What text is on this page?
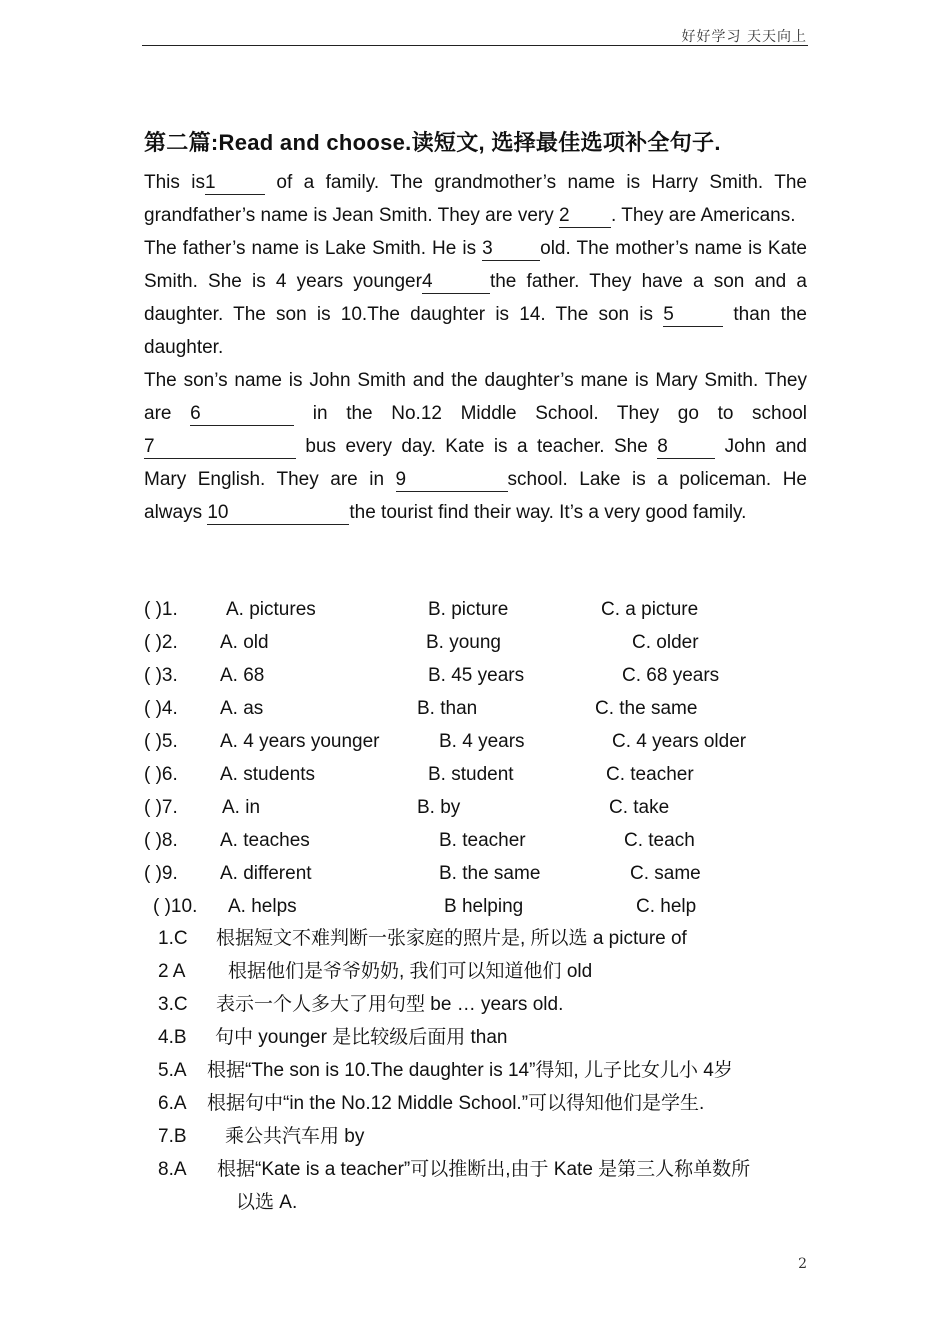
好好学习 天天向上
第二篇:Read and choose.读短文, 选择最佳选项补全句子.

This is1	of a family. The grandmother’s name is Harry Smith. The grandfather’s name is Jean Smith. They are very 2 . They are Americans.

The father’s name is Lake Smith. He is 3 old. The mother’s name is Kate Smith. She is 4 years younger4	the father. They have a son and a daughter. The son is 10.The daughter is 14. The son is 5	than the daughter.

The son’s name is John Smith and the daughter’s mane is Mary Smith. They are 6	in the No.12 Middle School. They go to school 7	bus every day. Kate is a teacher. She 8 John and Mary English. They are in 9	school. Lake is a policeman. He always 10	the tourist find their way. It’s a very good family.

( )1.	A. pictures	B. picture	C. a picture
( )2. A. old	B. young	C. older
( )3. A. 68	B. 45 years	C. 68 years
( )4. A. as	B. than	C. the same
( )5. A. 4 years younger	B. 4 years	C. 4 years older
( )6. A. students	B. student	C. teacher
( )7. A. in	B. by	C. take
( )8. A. teaches	B. teacher	C. teach
( )9. A. different	B. the same	C. same
( )10. A. helps	B helping	C. help
1.C 根据短文不难判断一张家庭的照片是, 所以选 a picture of
2 A 根据他们是爷爷奶奶, 我们可以知道他们 old
3.C 表示一个人多大了用句型 be … years old.
4.B 句中 younger 是比较级后面用 than
5.A 根据“The son is 10.The daughter is 14”得知, 儿子比女儿小 4岁
6.A 根据句中“in the No.12 Middle School.”可以得知他们是学生.
7.B 乘公共汽车用 by
8.A 根据“Kate is a teacher”可以推断出,由于 Kate 是第三人称单数所
以选 A.
2
